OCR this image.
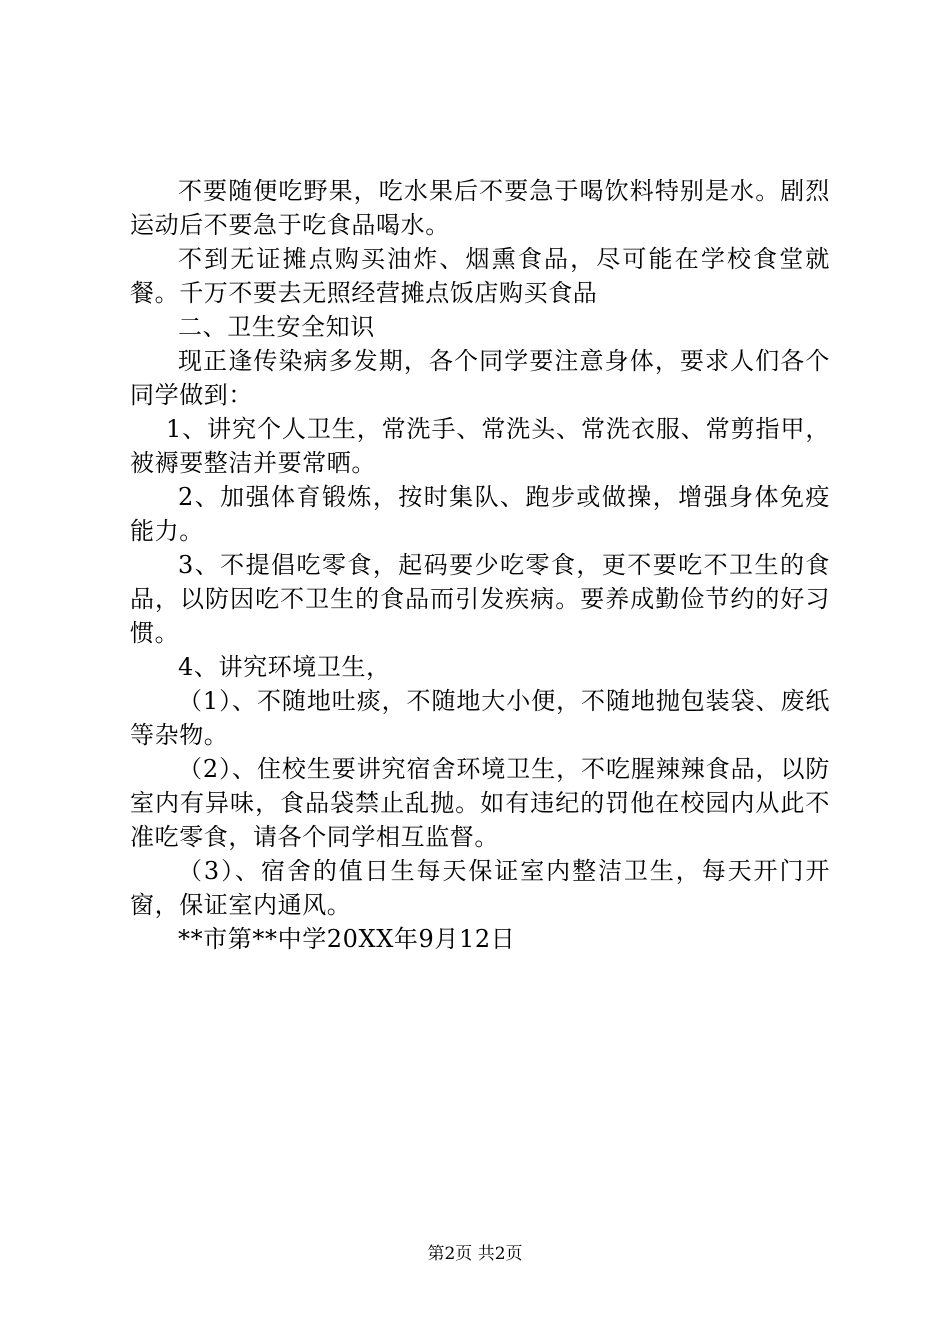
不要随便吃野果，吃水果后不要急于喝饮料特别是水。剧烈运动后不要急于吃食品喝水。

不到无证摊点购买油炸、烟熏食品，尽可能在学校食堂就餐。千万不要去无照经营摊点饭店购买食品

二、卫生安全知识

现正逢传染病多发期，各个同学要注意身体，要求人们各个同学做到：

1、讲究个人卫生，常洗手、常洗头、常洗衣服、常剪指甲，被褥要整洁并要常晒。

2、加强体育锻炼，按时集队、跑步或做操，增强身体免疫能力。

3、不提倡吃零食，起码要少吃零食，更不要吃不卫生的食品，以防因吃不卫生的食品而引发疾病。要养成勤俭节约的好习惯。

4、讲究环境卫生，

（1）、不随地吐痰，不随地大小便，不随地抛包装袋、废纸等杂物。

（2）、住校生要讲究宿舍环境卫生，不吃腥辣辣食品，以防室内有异味，食品袋禁止乱抛。如有违纪的罚他在校园内从此不准吃零食，请各个同学相互监督。

（3）、宿舍的值日生每天保证室内整洁卫生，每天开门开窗，保证室内通风。

**市第**中学20XX年9月12日

第2页 共2页
